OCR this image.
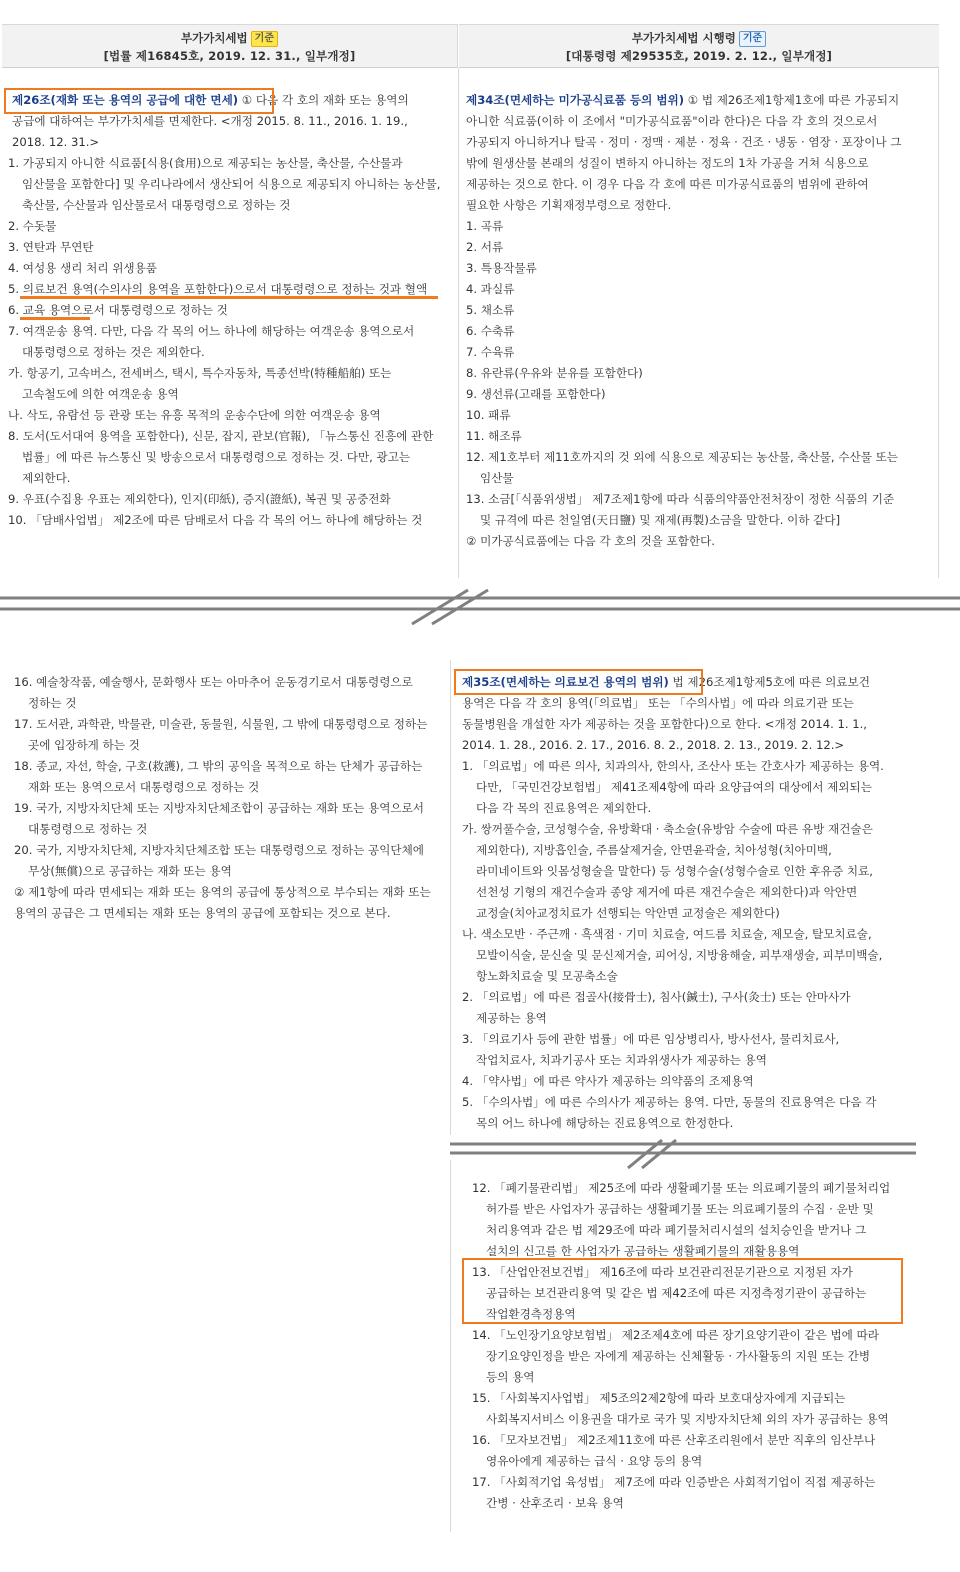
부가가치세법 기준
[법률 제16845호, 2019. 12. 31., 일부개정]
부가가치세법 시행령 기준
[대통령령 제29535호, 2019. 2. 12., 일부개정]

제26조(재화 또는 용역의 공급에 대한 면세) ① 다음 각 호의 재화 또는 용역의 공급에 대하여는 부가가치세를 면제한다. <개정 2015. 8. 11., 2016. 1. 19., 2018. 12. 31.>

1. 가공되지 아니한 식료품[식용(食用)으로 제공되는 농산물, 축산물, 수산물과 임산물을 포함한다] 및 우리나라에서 생산되어 식용으로 제공되지 아니하는 농산물, 축산물, 수산물과 임산물로서 대통령령으로 정하는 것

2. 수돗물

3. 연탄과 무연탄

4. 여성용 생리 처리 위생용품

5. 의료보건 용역(수의사의 용역을 포함한다)으로서 대통령령으로 정하는 것과 혈액

6. 교육 용역으로서 대통령령으로 정하는 것

7. 여객운송 용역. 다만, 다음 각 목의 어느 하나에 해당하는 여객운송 용역으로서 대통령령으로 정하는 것은 제외한다.

가. 항공기, 고속버스, 전세버스, 택시, 특수자동차, 특종선박(特種船舶) 또는 고속철도에 의한 여객운송 용역

나. 삭도, 유람선 등 관광 또는 유흥 목적의 운송수단에 의한 여객운송 용역

8. 도서(도서대여 용역을 포함한다), 신문, 잡지, 관보(官報), 「뉴스통신 진흥에 관한 법률」에 따른 뉴스통신 및 방송으로서 대통령령으로 정하는 것. 다만, 광고는 제외한다.

9. 우표(수집용 우표는 제외한다), 인지(印紙), 증지(證紙), 복권 및 공중전화

10. 「담배사업법」 제2조에 따른 담배로서 다음 각 목의 어느 하나에 해당하는 것

제34조(면세하는 미가공식료품 등의 범위) ① 법 제26조제1항제1호에 따른 가공되지 아니한 식료품(이하 이 조에서 "미가공식료품"이라 한다)은 다음 각 호의 것으로서 가공되지 아니하거나 탈곡 · 정미 · 정맥 · 제분 · 정육 · 건조 · 냉동 · 염장 · 포장이나 그 밖에 원생산물 본래의 성질이 변하지 아니하는 정도의 1차 가공을 거쳐 식용으로 제공하는 것으로 한다. 이 경우 다음 각 호에 따른 미가공식료품의 범위에 관하여 필요한 사항은 기획재정부령으로 정한다.

1. 곡류

2. 서류

3. 특용작물류

4. 과실류

5. 채소류

6. 수축류

7. 수육류

8. 유란류(우유와 분유를 포함한다)

9. 생선류(고래를 포함한다)

10. 패류

11. 해조류

12. 제1호부터 제11호까지의 것 외에 식용으로 제공되는 농산물, 축산물, 수산물 또는 임산물

13. 소금[「식품위생법」 제7조제1항에 따라 식품의약품안전처장이 정한 식품의 기준 및 규격에 따른 천일염(天日鹽) 및 재제(再製)소금을 말한다. 이하 같다]

② 미가공식료품에는 다음 각 호의 것을 포함한다.

16. 예술창작품, 예술행사, 문화행사 또는 아마추어 운동경기로서 대통령령으로 정하는 것

17. 도서관, 과학관, 박물관, 미술관, 동물원, 식물원, 그 밖에 대통령령으로 정하는 곳에 입장하게 하는 것

18. 종교, 자선, 학술, 구호(救護), 그 밖의 공익을 목적으로 하는 단체가 공급하는 재화 또는 용역으로서 대통령령으로 정하는 것

19. 국가, 지방자치단체 또는 지방자치단체조합이 공급하는 재화 또는 용역으로서 대통령령으로 정하는 것

20. 국가, 지방자치단체, 지방자치단체조합 또는 대통령령으로 정하는 공익단체에 무상(無償)으로 공급하는 재화 또는 용역

② 제1항에 따라 면세되는 재화 또는 용역의 공급에 통상적으로 부수되는 재화 또는 용역의 공급은 그 면세되는 재화 또는 용역의 공급에 포함되는 것으로 본다.

제35조(면세하는 의료보건 용역의 범위) 법 제26조제1항제5호에 따른 의료보건 용역은 다음 각 호의 용역(「의료법」 또는 「수의사법」에 따라 의료기관 또는 동물병원을 개설한 자가 제공하는 것을 포함한다)으로 한다. <개정 2014. 1. 1., 2014. 1. 28., 2016. 2. 17., 2016. 8. 2., 2018. 2. 13., 2019. 2. 12.>

1. 「의료법」에 따른 의사, 치과의사, 한의사, 조산사 또는 간호사가 제공하는 용역. 다만, 「국민건강보험법」 제41조제4항에 따라 요양급여의 대상에서 제외되는 다음 각 목의 진료용역은 제외한다.

가. 쌍꺼풀수술, 코성형수술, 유방확대 · 축소술(유방암 수술에 따른 유방 재건술은 제외한다), 지방흡인술, 주름살제거술, 안면윤곽술, 치아성형(치아미백, 라미네이트와 잇몸성형술을 말한다) 등 성형수술(성형수술로 인한 후유증 치료, 선천성 기형의 재건수술과 종양 제거에 따른 재건수술은 제외한다)과 악안면 교정술(치아교정치료가 선행되는 악안면 교정술은 제외한다)

나. 색소모반 · 주근깨 · 흑색점 · 기미 치료술, 여드름 치료술, 제모술, 탈모치료술, 모발이식술, 문신술 및 문신제거술, 피어싱, 지방융해술, 피부재생술, 피부미백술, 항노화치료술 및 모공축소술

2. 「의료법」에 따른 접골사(接骨士), 침사(鍼士), 구사(灸士) 또는 안마사가 제공하는 용역

3. 「의료기사 등에 관한 법률」에 따른 임상병리사, 방사선사, 물리치료사, 작업치료사, 치과기공사 또는 치과위생사가 제공하는 용역

4. 「약사법」에 따른 약사가 제공하는 의약품의 조제용역

5. 「수의사법」에 따른 수의사가 제공하는 용역. 다만, 동물의 진료용역은 다음 각 목의 어느 하나에 해당하는 진료용역으로 한정한다.

12. 「폐기물관리법」 제25조에 따라 생활폐기물 또는 의료폐기물의 폐기물처리업 허가를 받은 사업자가 공급하는 생활폐기물 또는 의료폐기물의 수집 · 운반 및 처리용역과 같은 법 제29조에 따라 폐기물처리시설의 설치승인을 받거나 그 설치의 신고를 한 사업자가 공급하는 생활폐기물의 재활용용역

13. 「산업안전보건법」 제16조에 따라 보건관리전문기관으로 지정된 자가 공급하는 보건관리용역 및 같은 법 제42조에 따른 지정측정기관이 공급하는 작업환경측정용역

14. 「노인장기요양보험법」 제2조제4호에 따른 장기요양기관이 같은 법에 따라 장기요양인정을 받은 자에게 제공하는 신체활동 · 가사활동의 지원 또는 간병 등의 용역

15. 「사회복지사업법」 제5조의2제2항에 따라 보호대상자에게 지급되는 사회복지서비스 이용권을 대가로 국가 및 지방자치단체 외의 자가 공급하는 용역

16. 「모자보건법」 제2조제11호에 따른 산후조리원에서 분만 직후의 임산부나 영유아에게 제공하는 급식 · 요양 등의 용역

17. 「사회적기업 육성법」 제7조에 따라 인증받은 사회적기업이 직접 제공하는 간병 · 산후조리 · 보육 용역
